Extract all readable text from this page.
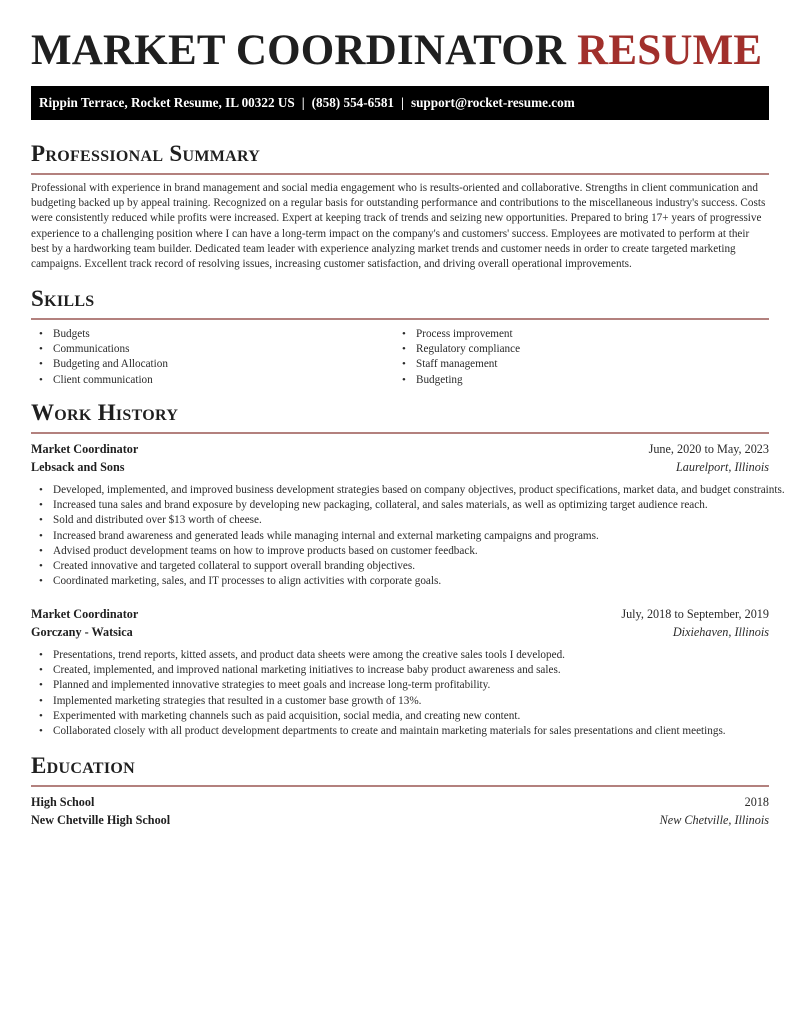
MARKET COORDINATOR RESUME
Rippin Terrace, Rocket Resume, IL 00322 US | (858) 554-6581 | support@rocket-resume.com
Professional Summary

Professional with experience in brand management and social media engagement who is results-oriented and collaborative. Strengths in client communication and budgeting backed up by appeal training. Recognized on a regular basis for outstanding performance and contributions to the miscellaneous industry's success. Costs were consistently reduced while profits were increased. Expert at keeping track of trends and seizing new opportunities. Prepared to bring 17+ years of progressive experience to a challenging position where I can have a long-term impact on the company's and customers' success. Employees are motivated to perform at their best by a hardworking team builder. Dedicated team leader with experience analyzing market trends and customer needs in order to create targeted marketing campaigns. Excellent track record of resolving issues, increasing customer satisfaction, and driving overall operational improvements.

Skills
• Budgets
• Communications
• Budgeting and Allocation
• Client communication
• Process improvement
• Regulatory compliance
• Staff management
• Budgeting
Work History
Market Coordinator	June, 2020 to May, 2023
Lebsack and Sons	Laurelport, Illinois
• Developed, implemented, and improved business development strategies based on company objectives, product specifications, market data, and budget constraints.
• Increased tuna sales and brand exposure by developing new packaging, collateral, and sales materials, as well as optimizing target audience reach.
• Sold and distributed over $13 worth of cheese.
• Increased brand awareness and generated leads while managing internal and external marketing campaigns and programs.
• Advised product development teams on how to improve products based on customer feedback.
• Created innovative and targeted collateral to support overall branding objectives.
• Coordinated marketing, sales, and IT processes to align activities with corporate goals.
Market Coordinator	July, 2018 to September, 2019
Gorczany - Watsica	Dixiehaven, Illinois
• Presentations, trend reports, kitted assets, and product data sheets were among the creative sales tools I developed.
• Created, implemented, and improved national marketing initiatives to increase baby product awareness and sales.
• Planned and implemented innovative strategies to meet goals and increase long-term profitability.
• Implemented marketing strategies that resulted in a customer base growth of 13%.
• Experimented with marketing channels such as paid acquisition, social media, and creating new content.
• Collaborated closely with all product development departments to create and maintain marketing materials for sales presentations and client meetings.
Education
High School	2018
New Chetville High School	New Chetville, Illinois
